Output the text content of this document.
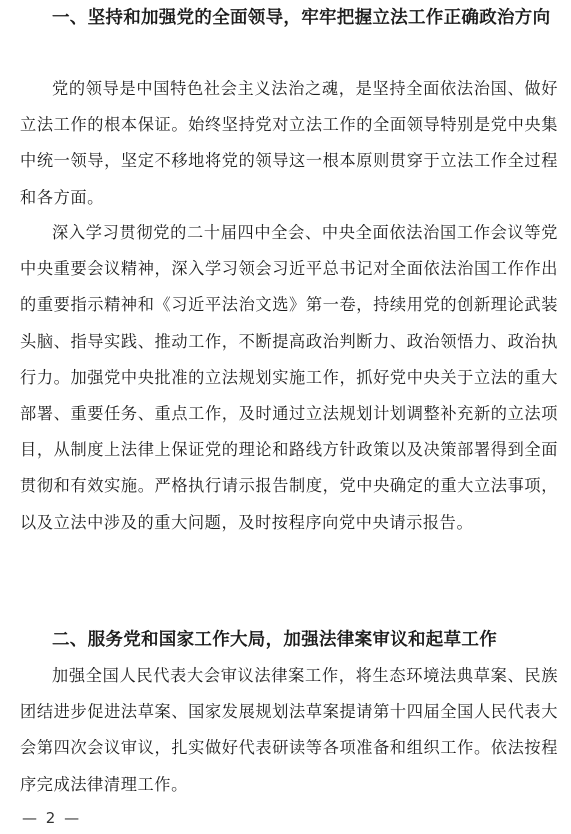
一、坚持和加强党的全面领导，牢牢把握立法工作正确政治方向

党的领导是中国特色社会主义法治之魂，是坚持全面依法治国、做好立法工作的根本保证。始终坚持党对立法工作的全面领导特别是党中央集中统一领导，坚定不移地将党的领导这一根本原则贯穿于立法工作全过程和各方面。

深入学习贯彻党的二十届四中全会、中央全面依法治国工作会议等党中央重要会议精神，深入学习领会习近平总书记对全面依法治国工作作出的重要指示精神和《习近平法治文选》第一卷，持续用党的创新理论武装头脑、指导实践、推动工作，不断提高政治判断力、政治领悟力、政治执行力。加强党中央批准的立法规划实施工作，抓好党中央关于立法的重大部署、重要任务、重点工作，及时通过立法规划计划调整补充新的立法项目，从制度上法律上保证党的理论和路线方针政策以及决策部署得到全面贯彻和有效实施。严格执行请示报告制度，党中央确定的重大立法事项，以及立法中涉及的重大问题，及时按程序向党中央请示报告。

二、服务党和国家工作大局，加强法律案审议和起草工作

加强全国人民代表大会审议法律案工作，将生态环境法典草案、民族团结进步促进法草案、国家发展规划法草案提请第十四届全国人民代表大会第四次会议审议，扎实做好代表研读等各项准备和组织工作。依法按程序完成法律清理工作。

— 2 —
